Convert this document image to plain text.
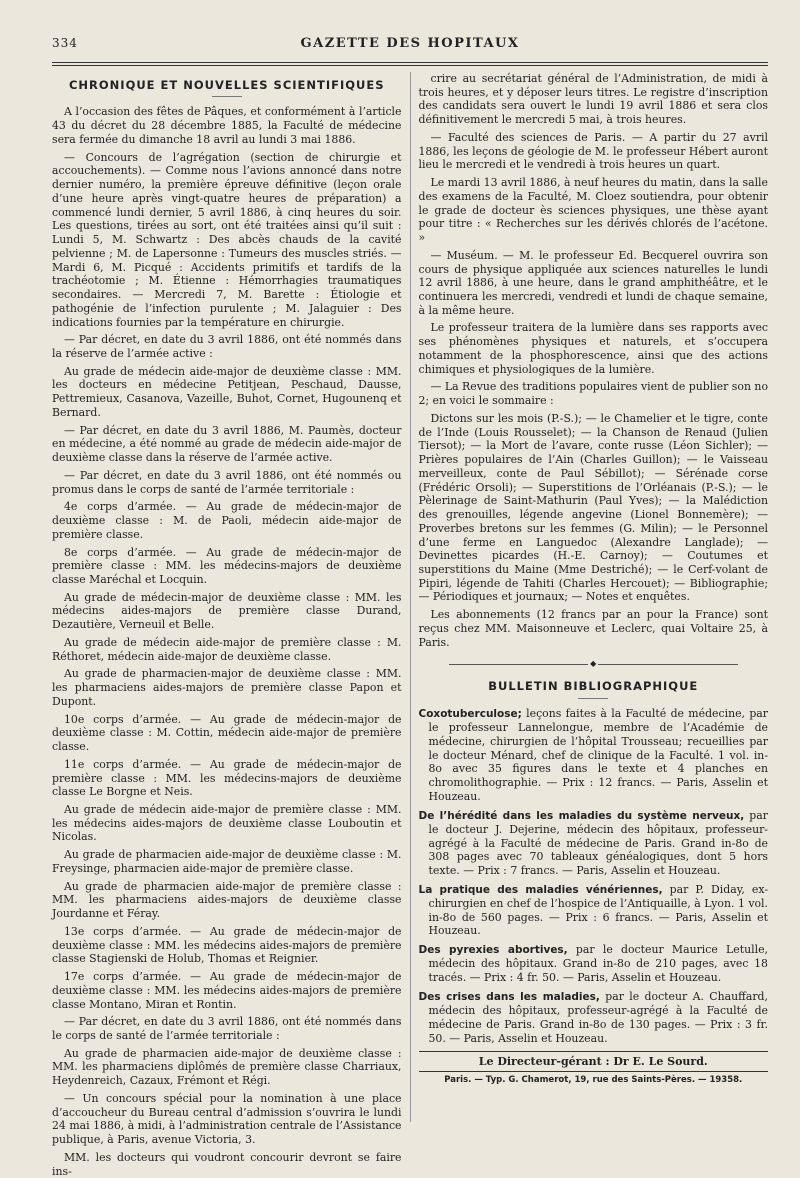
334	GAZETTE DES HOPITAUX
CHRONIQUE ET NOUVELLES SCIENTIFIQUES

A l’occasion des fêtes de Pâques, et conformément à l’article 43 du décret du 28 décembre 1885, la Faculté de médecine sera fermée du dimanche 18 avril au lundi 3 mai 1886.

— Concours de l’agrégation (section de chirurgie et accouchements). — Comme nous l’avions annoncé dans notre dernier numéro, la première épreuve définitive (leçon orale d’une heure après vingt-quatre heures de préparation) a commencé lundi dernier, 5 avril 1886, à cinq heures du soir. Les questions, tirées au sort, ont été traitées ainsi qu’il suit : Lundi 5, M. Schwartz : Des abcès chauds de la cavité pelvienne ; M. de Lapersonne : Tumeurs des muscles striés. — Mardi 6, M. Picqué : Accidents primitifs et tardifs de la trachéotomie ; M. Étienne : Hémorrhagies traumatiques secondaires. — Mercredi 7, M. Barette : Étiologie et pathogénie de l’infection purulente ; M. Jalaguier : Des indications fournies par la température en chirurgie.

— Par décret, en date du 3 avril 1886, ont été nommés dans la réserve de l’armée active :

Au grade de médecin aide-major de deuxième classe : MM. les docteurs en médecine Petitjean, Peschaud, Dausse, Pettremieux, Casanova, Vazeille, Buhot, Cornet, Hugounenq et Bernard.

— Par décret, en date du 3 avril 1886, M. Paumès, docteur en médecine, a été nommé au grade de médecin aide-major de deuxième classe dans la réserve de l’armée active.

— Par décret, en date du 3 avril 1886, ont été nommés ou promus dans le corps de santé de l’armée territoriale :

4e corps d’armée. — Au grade de médecin-major de deuxième classe : M. de Paoli, médecin aide-major de première classe.

8e corps d’armée. — Au grade de médecin-major de première classe : MM. les médecins-majors de deuxième classe Maréchal et Locquin.

Au grade de médecin-major de deuxième classe : MM. les médecins aides-majors de première classe Durand, Dezautière, Verneuil et Belle.

Au grade de médecin aide-major de première classe : M. Réthoret, médecin aide-major de deuxième classe.

Au grade de pharmacien-major de deuxième classe : MM. les pharmaciens aides-majors de première classe Papon et Dupont.

10e corps d’armée. — Au grade de médecin-major de deuxième classe : M. Cottin, médecin aide-major de première classe.

11e corps d’armée. — Au grade de médecin-major de première classe : MM. les médecins-majors de deuxième classe Le Borgne et Neis.

Au grade de médecin aide-major de première classe : MM. les médecins aides-majors de deuxième classe Louboutin et Nicolas.

Au grade de pharmacien aide-major de deuxième classe : M. Freysinge, pharmacien aide-major de première classe.

Au grade de pharmacien aide-major de première classe : MM. les pharmaciens aides-majors de deuxième classe Jourdanne et Féray.

13e corps d’armée. — Au grade de médecin-major de deuxième classe : MM. les médecins aides-majors de première classe Stagienski de Holub, Thomas et Reignier.

17e corps d’armée. — Au grade de médecin-major de deuxième classe : MM. les médecins aides-majors de première classe Montano, Miran et Rontin.

— Par décret, en date du 3 avril 1886, ont été nommés dans le corps de santé de l’armée territoriale :

Au grade de pharmacien aide-major de deuxième classe : MM. les pharmaciens diplômés de première classe Charriaux, Heydenreich, Cazaux, Frémont et Régi.

— Un concours spécial pour la nomination à une place d’accoucheur du Bureau central d’admission s’ouvrira le lundi 24 mai 1886, à midi, à l’administration centrale de l’Assistance publique, à Paris, avenue Victoria, 3.

MM. les docteurs qui voudront concourir devront se faire ins-

crire au secrétariat général de l’Administration, de midi à trois heures, et y déposer leurs titres. Le registre d’inscription des candidats sera ouvert le lundi 19 avril 1886 et sera clos définitivement le mercredi 5 mai, à trois heures.

— Faculté des sciences de Paris. — A partir du 27 avril 1886, les leçons de géologie de M. le professeur Hébert auront lieu le mercredi et le vendredi à trois heures un quart.

Le mardi 13 avril 1886, à neuf heures du matin, dans la salle des examens de la Faculté, M. Cloez soutiendra, pour obtenir le grade de docteur ès sciences physiques, une thèse ayant pour titre : « Recherches sur les dérivés chlorés de l’acétone. »

— Muséum. — M. le professeur Ed. Becquerel ouvrira son cours de physique appliquée aux sciences naturelles le lundi 12 avril 1886, à une heure, dans le grand amphithéâtre, et le continuera les mercredi, vendredi et lundi de chaque semaine, à la même heure.

Le professeur traitera de la lumière dans ses rapports avec ses phénomènes physiques et naturels, et s’occupera notamment de la phosphorescence, ainsi que des actions chimiques et physiologiques de la lumière.

— La Revue des traditions populaires vient de publier son no 2; en voici le sommaire :

Dictons sur les mois (P.-S.); — le Chamelier et le tigre, conte de l’Inde (Louis Rousselet); — la Chanson de Renaud (Julien Tiersot); — la Mort de l’avare, conte russe (Léon Sichler); — Prières populaires de l’Ain (Charles Guillon); — le Vaisseau merveilleux, conte de Paul Sébillot); — Sérénade corse (Frédéric Orsoli); — Superstitions de l’Orléanais (P.-S.); — le Pèlerinage de Saint-Mathurin (Paul Yves); — la Malédiction des grenouilles, légende angevine (Lionel Bonnemère); — Proverbes bretons sur les femmes (G. Milin); — le Personnel d’une ferme en Languedoc (Alexandre Langlade); — Devinettes picardes (H.-E. Carnoy); — Coutumes et superstitions du Maine (Mme Destriché); — le Cerf-volant de Pipiri, légende de Tahiti (Charles Hercouet); — Bibliographie; — Périodiques et journaux; — Notes et enquêtes.

Les abonnements (12 francs par an pour la France) sont reçus chez MM. Maisonneuve et Leclerc, quai Voltaire 25, à Paris.

◆
BULLETIN BIBLIOGRAPHIQUE

Coxotuberculose; leçons faites à la Faculté de médecine, par le professeur Lannelongue, membre de l’Académie de médecine, chirurgien de l’hôpital Trousseau; recueillies par le docteur Ménard, chef de clinique de la Faculté. 1 vol. in-8o avec 35 figures dans le texte et 4 planches en chromolithographie. — Prix : 12 francs. — Paris, Asselin et Houzeau.

De l’hérédité dans les maladies du système nerveux, par le docteur J. Dejerine, médecin des hôpitaux, professeur-agrégé à la Faculté de médecine de Paris. Grand in-8o de 308 pages avec 70 tableaux généalogiques, dont 5 hors texte. — Prix : 7 francs. — Paris, Asselin et Houzeau.

La pratique des maladies vénériennes, par P. Diday, ex-chirurgien en chef de l’hospice de l’Antiquaille, à Lyon. 1 vol. in-8o de 560 pages. — Prix : 6 francs. — Paris, Asselin et Houzeau.

Des pyrexies abortives, par le docteur Maurice Letulle, médecin des hôpitaux. Grand in-8o de 210 pages, avec 18 tracés. — Prix : 4 fr. 50. — Paris, Asselin et Houzeau.

Des crises dans les maladies, par le docteur A. Chauffard, médecin des hôpitaux, professeur-agrégé à la Faculté de médecine de Paris. Grand in-8o de 130 pages. — Prix : 3 fr. 50. — Paris, Asselin et Houzeau.

Le Directeur-gérant : Dr E. Le Sourd.
Paris. — Typ. G. Chamerot, 19, rue des Saints-Pères. — 19358.
